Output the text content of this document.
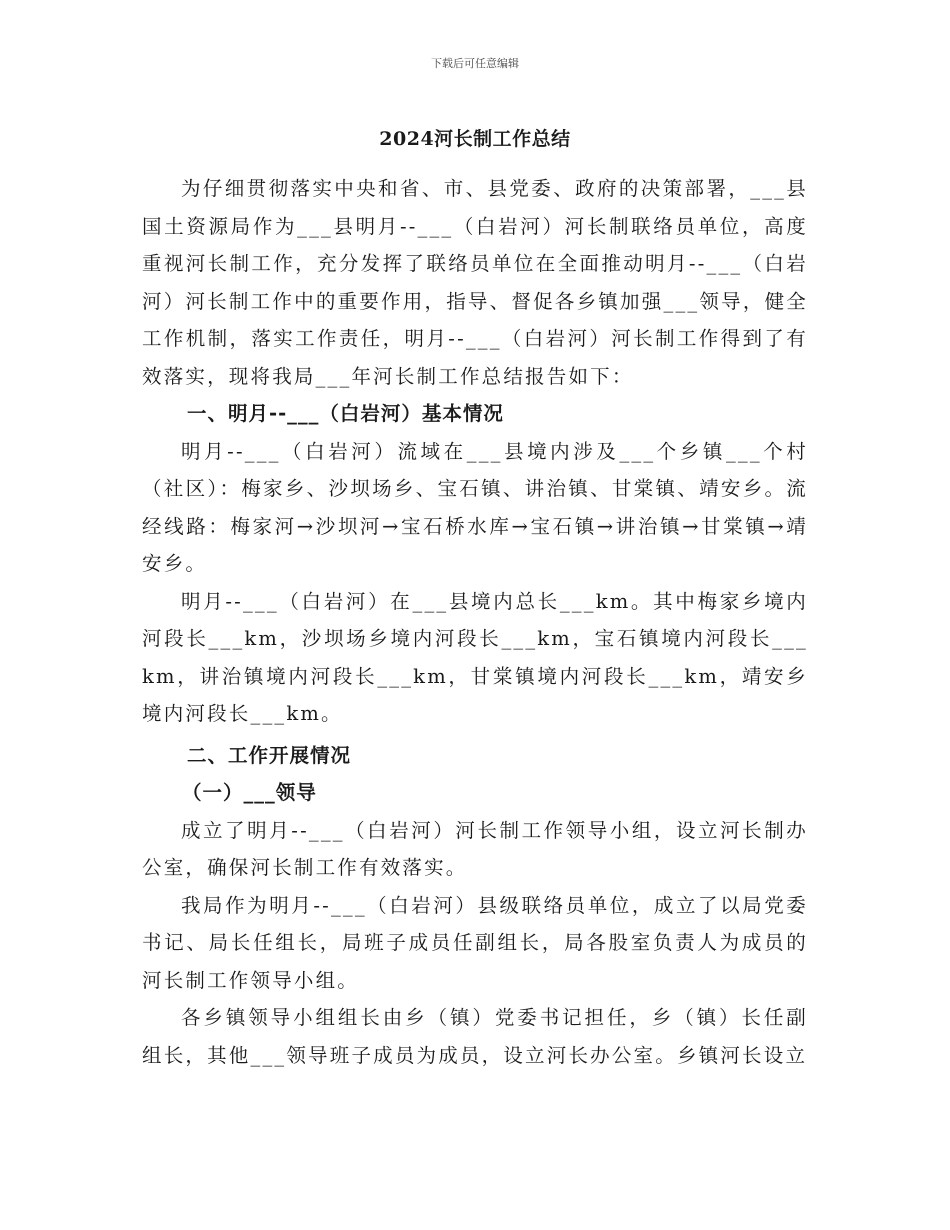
下载后可任意编辑
2024河长制工作总结

为仔细贯彻落实中央和省、市、县党委、政府的决策部署，___县国土资源局作为___县明月--___（白岩河）河长制联络员单位，高度重视河长制工作，充分发挥了联络员单位在全面推动明月--___（白岩河）河长制工作中的重要作用，指导、督促各乡镇加强___领导，健全工作机制，落实工作责任，明月--___（白岩河）河长制工作得到了有效落实，现将我局___年河长制工作总结报告如下：

一、明月--___（白岩河）基本情况

明月--___（白岩河）流域在___县境内涉及___个乡镇___个村（社区）：梅家乡、沙坝场乡、宝石镇、讲治镇、甘棠镇、靖安乡。流经线路：梅家河→沙坝河→宝石桥水库→宝石镇→讲治镇→甘棠镇→靖安乡。

明月--___（白岩河）在___县境内总长___km。其中梅家乡境内河段长___km，沙坝场乡境内河段长___km，宝石镇境内河段长___km，讲治镇境内河段长___km，甘棠镇境内河段长___km，靖安乡境内河段长___km。

二、工作开展情况

（一）___领导

成立了明月--___（白岩河）河长制工作领导小组，设立河长制办公室，确保河长制工作有效落实。

我局作为明月--___（白岩河）县级联络员单位，成立了以局党委书记、局长任组长，局班子成员任副组长，局各股室负责人为成员的河长制工作领导小组。

各乡镇领导小组组长由乡（镇）党委书记担任，乡（镇）长任副组长，其他___领导班子成员为成员，设立河长办公室。乡镇河长设立
